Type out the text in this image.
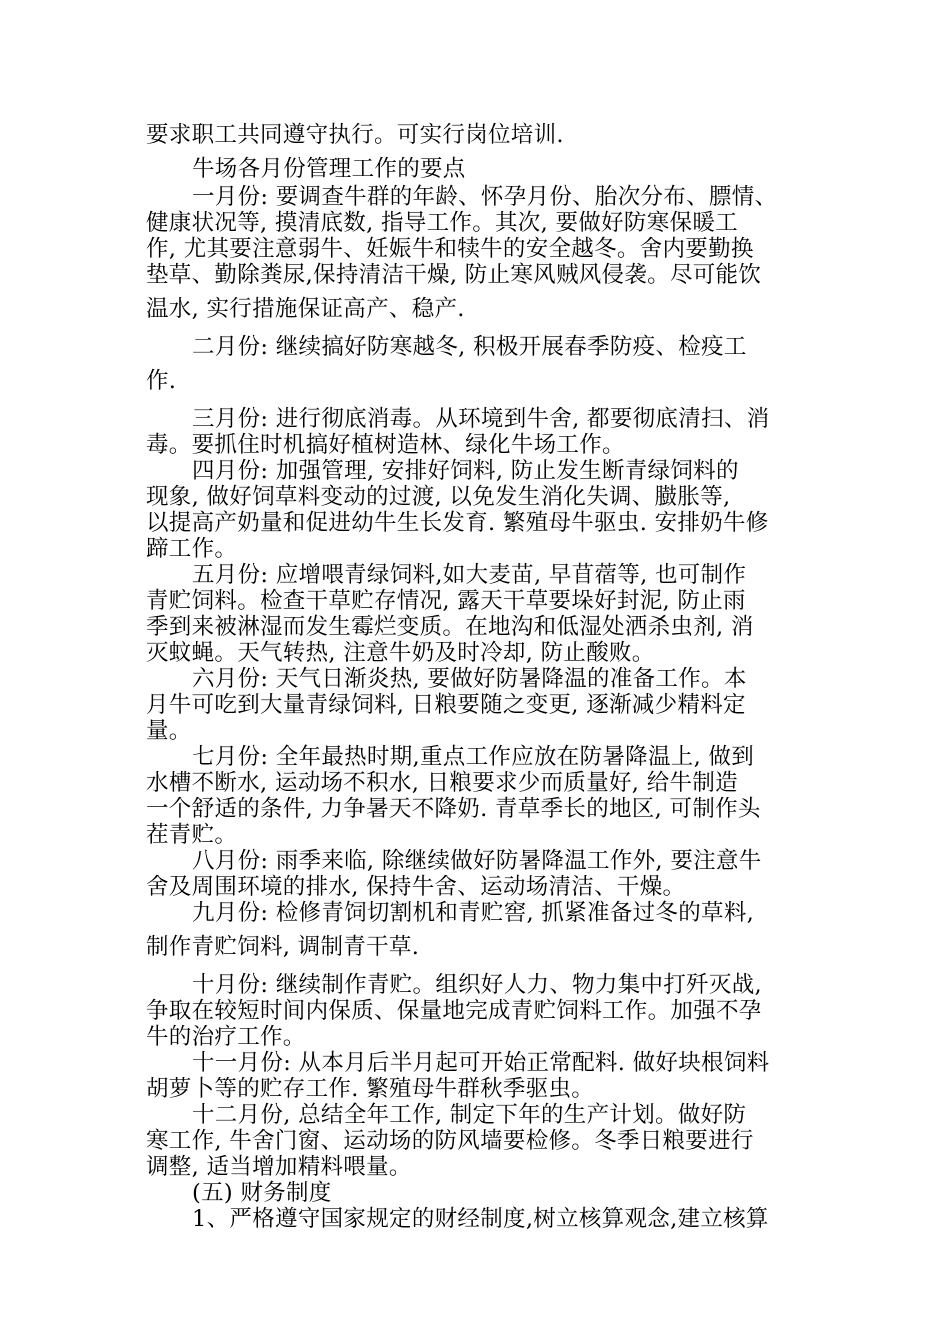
要求职工共同遵守执行。可实行岗位培训.
牛场各月份管理工作的要点
一月份: 要调查牛群的年龄、怀孕月份、胎次分布、膘情、
健康状况等, 摸清底数, 指导工作。其次, 要做好防寒保暖工
作, 尤其要注意弱牛、妊娠牛和犊牛的安全越冬。舍内要勤换
垫草、勤除粪尿,保持清洁干燥, 防止寒风贼风侵袭。尽可能饮
温水, 实行措施保证高产、稳产.
二月份: 继续搞好防寒越冬, 积极开展春季防疫、检疫工
作.
三月份: 进行彻底消毒。从环境到牛舍, 都要彻底清扫、消
毒。要抓住时机搞好植树造林、绿化牛场工作。
四月份: 加强管理, 安排好饲料, 防止发生断青绿饲料的
现象, 做好饲草料变动的过渡, 以免发生消化失调、臌胀等,
以提高产奶量和促进幼牛生长发育. 繁殖母牛驱虫. 安排奶牛修
蹄工作。
五月份: 应增喂青绿饲料,如大麦苗, 早苜蓿等, 也可制作
青贮饲料。检查干草贮存情况, 露天干草要垛好封泥, 防止雨
季到来被淋湿而发生霉烂变质。在地沟和低湿处洒杀虫剂, 消
灭蚊蝇。天气转热, 注意牛奶及时冷却, 防止酸败。
六月份: 天气日渐炎热, 要做好防暑降温的准备工作。本
月牛可吃到大量青绿饲料, 日粮要随之变更, 逐渐减少精料定
量。
七月份: 全年最热时期,重点工作应放在防暑降温上, 做到
水槽不断水, 运动场不积水, 日粮要求少而质量好, 给牛制造
一个舒适的条件, 力争暑天不降奶. 青草季长的地区, 可制作头
茬青贮。
八月份: 雨季来临, 除继续做好防暑降温工作外, 要注意牛
舍及周围环境的排水, 保持牛舍、运动场清洁、干燥。
九月份: 检修青饲切割机和青贮窖, 抓紧准备过冬的草料,
制作青贮饲料, 调制青干草.
十月份: 继续制作青贮。组织好人力、物力集中打歼灭战,
争取在较短时间内保质、保量地完成青贮饲料工作。加强不孕
牛的治疗工作。
十一月份: 从本月后半月起可开始正常配料. 做好块根饲料
胡萝卜等的贮存工作. 繁殖母牛群秋季驱虫。
十二月份, 总结全年工作, 制定下年的生产计划。做好防
寒工作, 牛舍门窗、运动场的防风墙要检修。冬季日粮要进行
调整, 适当增加精料喂量。
(五) 财务制度
1、严格遵守国家规定的财经制度,树立核算观念,建立核算
